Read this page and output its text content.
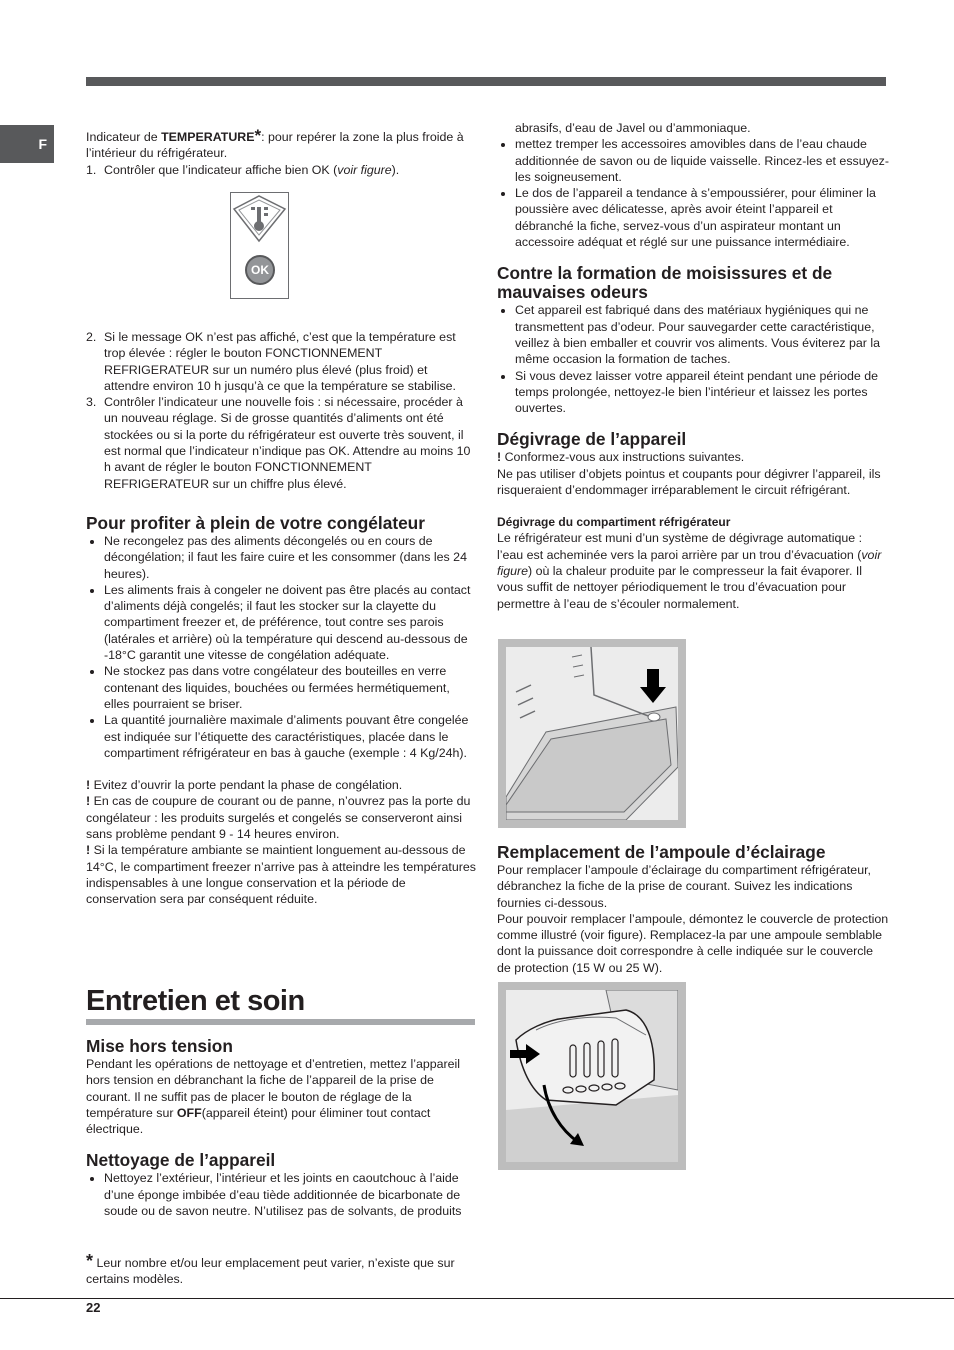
F	Indicateur de TEMPERATURE*: pour repérer la zone la plus froide à l’intérieur du réfrigérateur.

1. Contrôler que l’indicateur affiche bien OK (voir figure).
OK
2. Si le message OK n’est pas affiché, c’est que la température est trop élevée : régler le bouton FONCTIONNEMENT REFRIGERATEUR sur un numéro plus élevé (plus froid) et attendre environ 10 h jusqu’à ce que la température se stabilise.
3. Contrôler l’indicateur une nouvelle fois : si nécessaire, procéder à un nouveau réglage. Si de grosse quantités d’aliments ont été stockées ou si la porte du réfrigérateur est ouverte très souvent, il est normal que l’indicateur n’indique pas OK. Attendre au moins 10 h avant de régler le bouton FONCTIONNEMENT REFRIGERATEUR sur un chiffre plus élevé.

Pour profiter à plein de votre congélateur

• Ne recongelez pas des aliments décongelés ou en cours de décongélation; il faut les faire cuire et les consommer (dans les 24 heures).
• Les aliments frais à congeler ne doivent pas être placés au contact d’aliments déjà congelés; il faut les stocker sur la clayette du compartiment freezer et, de préférence, tout contre ses parois (latérales et arrière) où la température qui descend au-dessous de -18°C garantit une vitesse de congélation adéquate.
• Ne stockez pas dans votre congélateur des bouteilles en verre contenant des liquides, bouchées ou fermées hermétiquement, elles pourraient se briser.
• La quantité journalière maximale d’aliments pouvant être congelée est indiquée sur l’étiquette des caractéristiques, placée dans le compartiment réfrigérateur en bas à gauche (exemple : 4 Kg/24h).

! Evitez d’ouvrir la porte pendant la phase de congélation.

! En cas de coupure de courant ou de panne, n’ouvrez pas la porte du congélateur : les produits surgelés et congelés se conserveront ainsi sans problème pendant 9 - 14 heures environ.

! Si la température ambiante se maintient longuement au-dessous de 14°C, le compartiment freezer n’arrive pas à atteindre les températures indispensables à une longue conservation et la période de conservation sera par conséquent réduite.

Entretien et soin

Mise hors tension

Pendant les opérations de nettoyage et d’entretien, mettez l’appareil hors tension en débranchant la fiche de l’appareil de la prise de courant. Il ne suffit pas de placer le bouton de réglage de la température sur OFF(appareil éteint) pour éliminer tout contact électrique.

Nettoyage de l’appareil

• Nettoyez l’extérieur, l’intérieur et les joints en caoutchouc à l’aide d’une éponge imbibée d’eau tiède additionnée de bicarbonate de soude ou de savon neutre. N’utilisez pas de solvants, de produits

* Leur nombre et/ou leur emplacement peut varier, n’existe que sur certains modèles.

abrasifs, d’eau de Javel ou d’ammoniaque.

• mettez tremper les accessoires amovibles dans de l’eau chaude additionnée de savon ou de liquide vaisselle. Rincez-les et essuyez-les soigneusement.
• Le dos de l’appareil a tendance à s’empoussiérer, pour éliminer la poussière avec délicatesse, après avoir éteint l’appareil et débranché la fiche, servez-vous d’un aspirateur montant un accessoire adéquat et réglé sur une puissance intermédiaire.

Contre la formation de moisissures et de mauvaises odeurs

• Cet appareil est fabriqué dans des matériaux hygiéniques qui ne transmettent pas d’odeur. Pour sauvegarder cette caractéristique, veillez à bien emballer et couvrir vos aliments. Vous éviterez par la même occasion la formation de taches.
• Si vous devez laisser votre appareil éteint pendant une période de temps prolongée, nettoyez-le bien l’intérieur et laissez les portes ouvertes.

Dégivrage de l’appareil

! Conformez-vous aux instructions suivantes.

Ne pas utiliser d’objets pointus et coupants pour dégivrer l’appareil, ils risqueraient d’endommager irréparablement le circuit réfrigérant.

Dégivrage du compartiment réfrigérateur

Le réfrigérateur est muni d’un système de dégivrage automatique : l’eau est acheminée vers la paroi arrière par un trou d’évacuation (voir figure) où la chaleur produite par le compresseur la fait évaporer. Il vous suffit de nettoyer périodiquement le trou d’évacuation pour permettre à l’eau de s’écouler normalement.

Remplacement de l’ampoule d’éclairage

Pour remplacer l’ampoule d’éclairage du compartiment réfrigérateur, débranchez la fiche de la prise de courant. Suivez les indications fournies ci-dessous.

Pour pouvoir remplacer l’ampoule, démontez le couvercle de protection comme illustré (voir figure). Remplacez-la par une ampoule semblable dont la puissance doit correspondre à celle indiquée sur le couvercle de protection (15 W ou 25 W).

22
